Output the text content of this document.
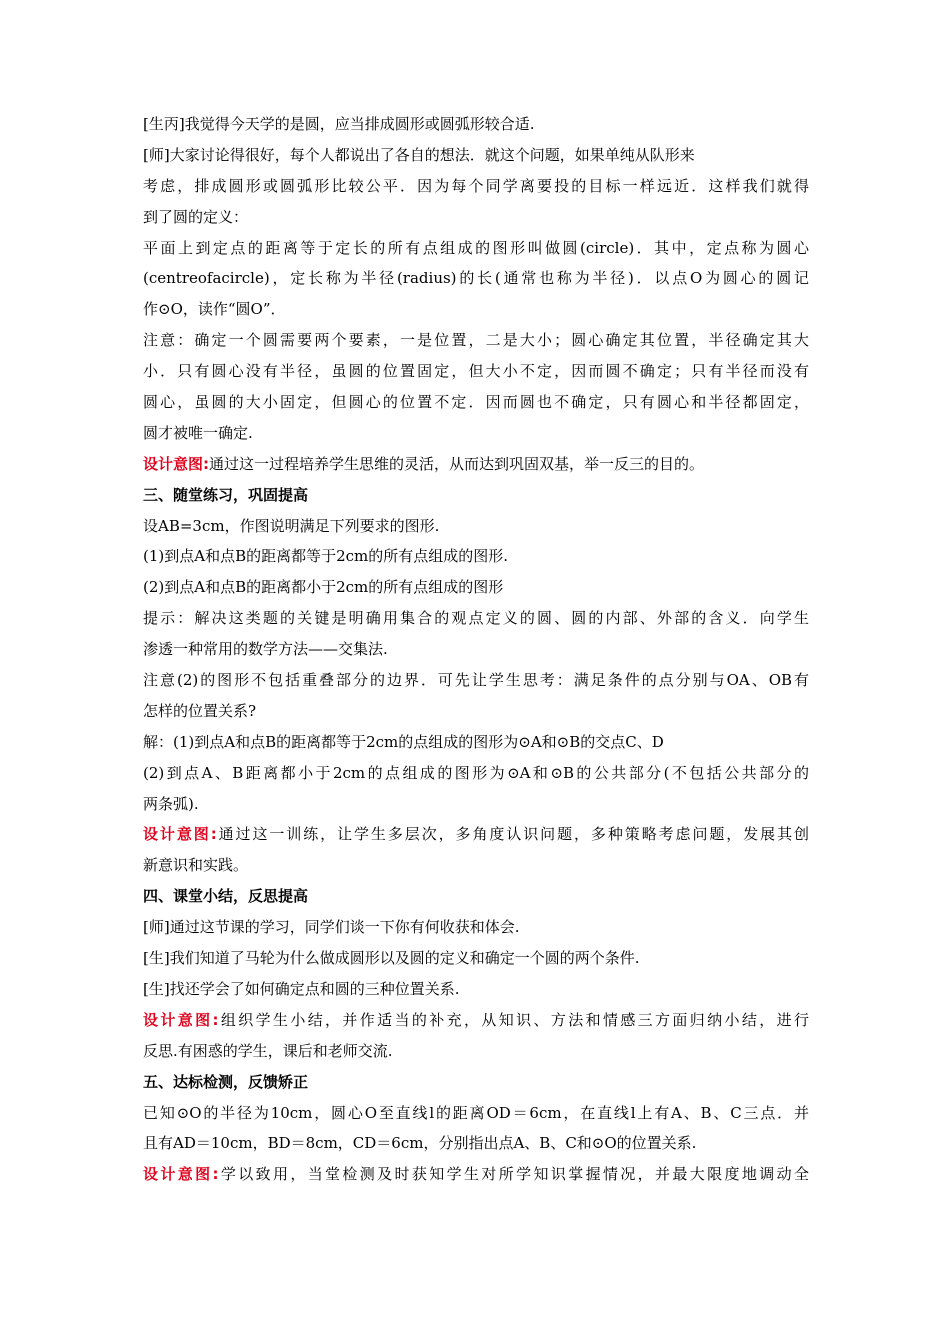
[生丙]我觉得今天学的是圆，应当排成圆形或圆弧形较合适.
[师]大家讨论得很好，每个人都说出了各自的想法．就这个问题，如果单纯从队形来
考虑，排成圆形或圆弧形比较公平．因为每个同学离要投的目标一样远近．这样我们就得
到了圆的定义：
平面上到定点的距离等于定长的所有点组成的图形叫做圆(circle)．其中，定点称为圆心
(centreofacircle)，定长称为半径(radius)的长(通常也称为半径)．以点O为圆心的圆记
作⊙O，读作“圆O”．
注意：确定一个圆需要两个要素，一是位置，二是大小；圆心确定其位置，半径确定其大
小．只有圆心没有半径，虽圆的位置固定，但大小不定，因而圆不确定；只有半径而没有
圆心，虽圆的大小固定，但圆心的位置不定．因而圆也不确定，只有圆心和半径都固定，
圆才被唯一确定.
设计意图:通过这一过程培养学生思维的灵活，从而达到巩固双基，举一反三的目的。
三、随堂练习，巩固提高
设AB=3cm，作图说明满足下列要求的图形.
(1)到点A和点B的距离都等于2cm的所有点组成的图形.
(2)到点A和点B的距离都小于2cm的所有点组成的图形
提示：解决这类题的关键是明确用集合的观点定义的圆、圆的内部、外部的含义．向学生
渗透一种常用的数学方法——交集法.
注意(2)的图形不包括重叠部分的边界．可先让学生思考：满足条件的点分别与OA、OB有
怎样的位置关系?
解：(1)到点A和点B的距离都等于2cm的点组成的图形为⊙A和⊙B的交点C、D
(2)到点A、B距离都小于2cm的点组成的图形为⊙A和⊙B的公共部分(不包括公共部分的
两条弧).
设计意图:通过这一训练，让学生多层次，多角度认识问题，多种策略考虑问题，发展其创
新意识和实践。
四、课堂小结，反思提高
[师]通过这节课的学习，同学们谈一下你有何收获和体会.
[生]我们知道了马轮为什么做成圆形以及圆的定义和确定一个圆的两个条件.
[生]找还学会了如何确定点和圆的三种位置关系.
设计意图:组织学生小结，并作适当的补充，从知识、方法和情感三方面归纳小结，进行
反思.有困惑的学生，课后和老师交流.
五、达标检测，反馈矫正
已知⊙O的半径为10cm，圆心O至直线l的距离OD＝6cm，在直线l上有A、B、C三点．并
且有AD＝10cm，BD＝8cm，CD＝6cm，分别指出点A、B、C和⊙O的位置关系.
设计意图:学以致用，当堂检测及时获知学生对所学知识掌握情况，并最大限度地调动全
